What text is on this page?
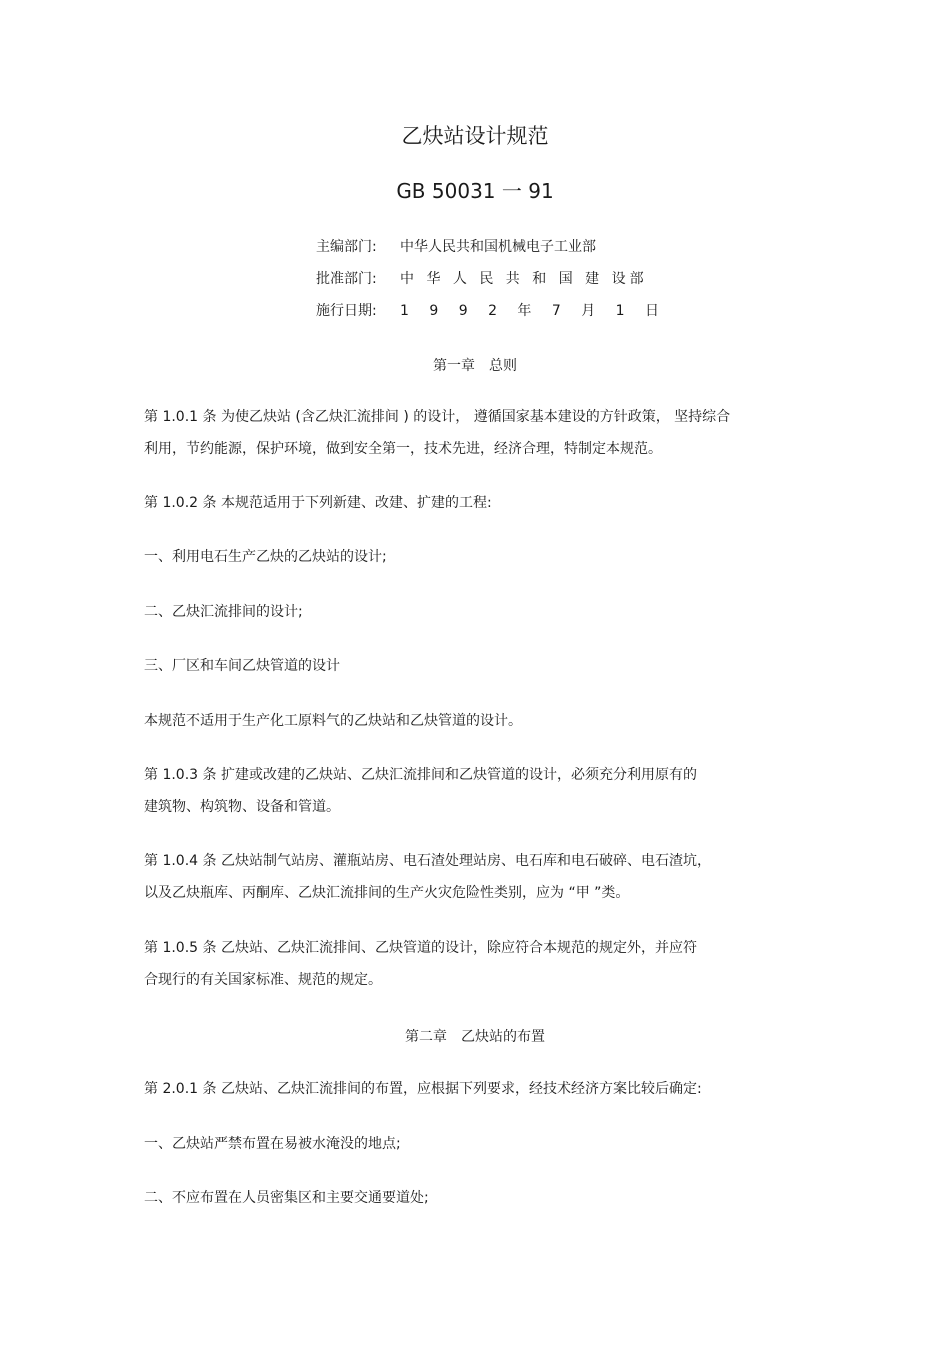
乙炔站设计规范
GB 50031 一 91
主编部门: 中华人民共和国机械电子工业部
批准部门: 中 华 人 民 共 和 国 建 设部
施行日期: 1 9 9 2 年 7 月 1 日
第一章　总则
第 1.0.1 条 为使乙炔站 (含乙炔汇流排间 ) 的设计， 遵循国家基本建设的方针政策， 坚持综合
利用，节约能源，保护环境，做到安全第一，技术先进，经济合理，特制定本规范。
第 1.0.2 条 本规范适用于下列新建、改建、扩建的工程:
一、利用电石生产乙炔的乙炔站的设计;
二、乙炔汇流排间的设计;
三、厂区和车间乙炔管道的设计
本规范不适用于生产化工原料气的乙炔站和乙炔管道的设计。
第 1.0.3 条 扩建或改建的乙炔站、乙炔汇流排间和乙炔管道的设计，必须充分利用原有的
建筑物、构筑物、设备和管道。
第 1.0.4 条 乙炔站制气站房、灌瓶站房、电石渣处理站房、电石库和电石破碎、电石渣坑，
以及乙炔瓶库、丙酮库、乙炔汇流排间的生产火灾危险性类别，应为 “甲 ”类。
第 1.0.5 条 乙炔站、乙炔汇流排间、乙炔管道的设计，除应符合本规范的规定外，并应符
合现行的有关国家标准、规范的规定。
第二章　乙炔站的布置
第 2.0.1 条 乙炔站、乙炔汇流排间的布置，应根据下列要求，经技术经济方案比较后确定:
一、乙炔站严禁布置在易被水淹没的地点;
二、不应布置在人员密集区和主要交通要道处;
